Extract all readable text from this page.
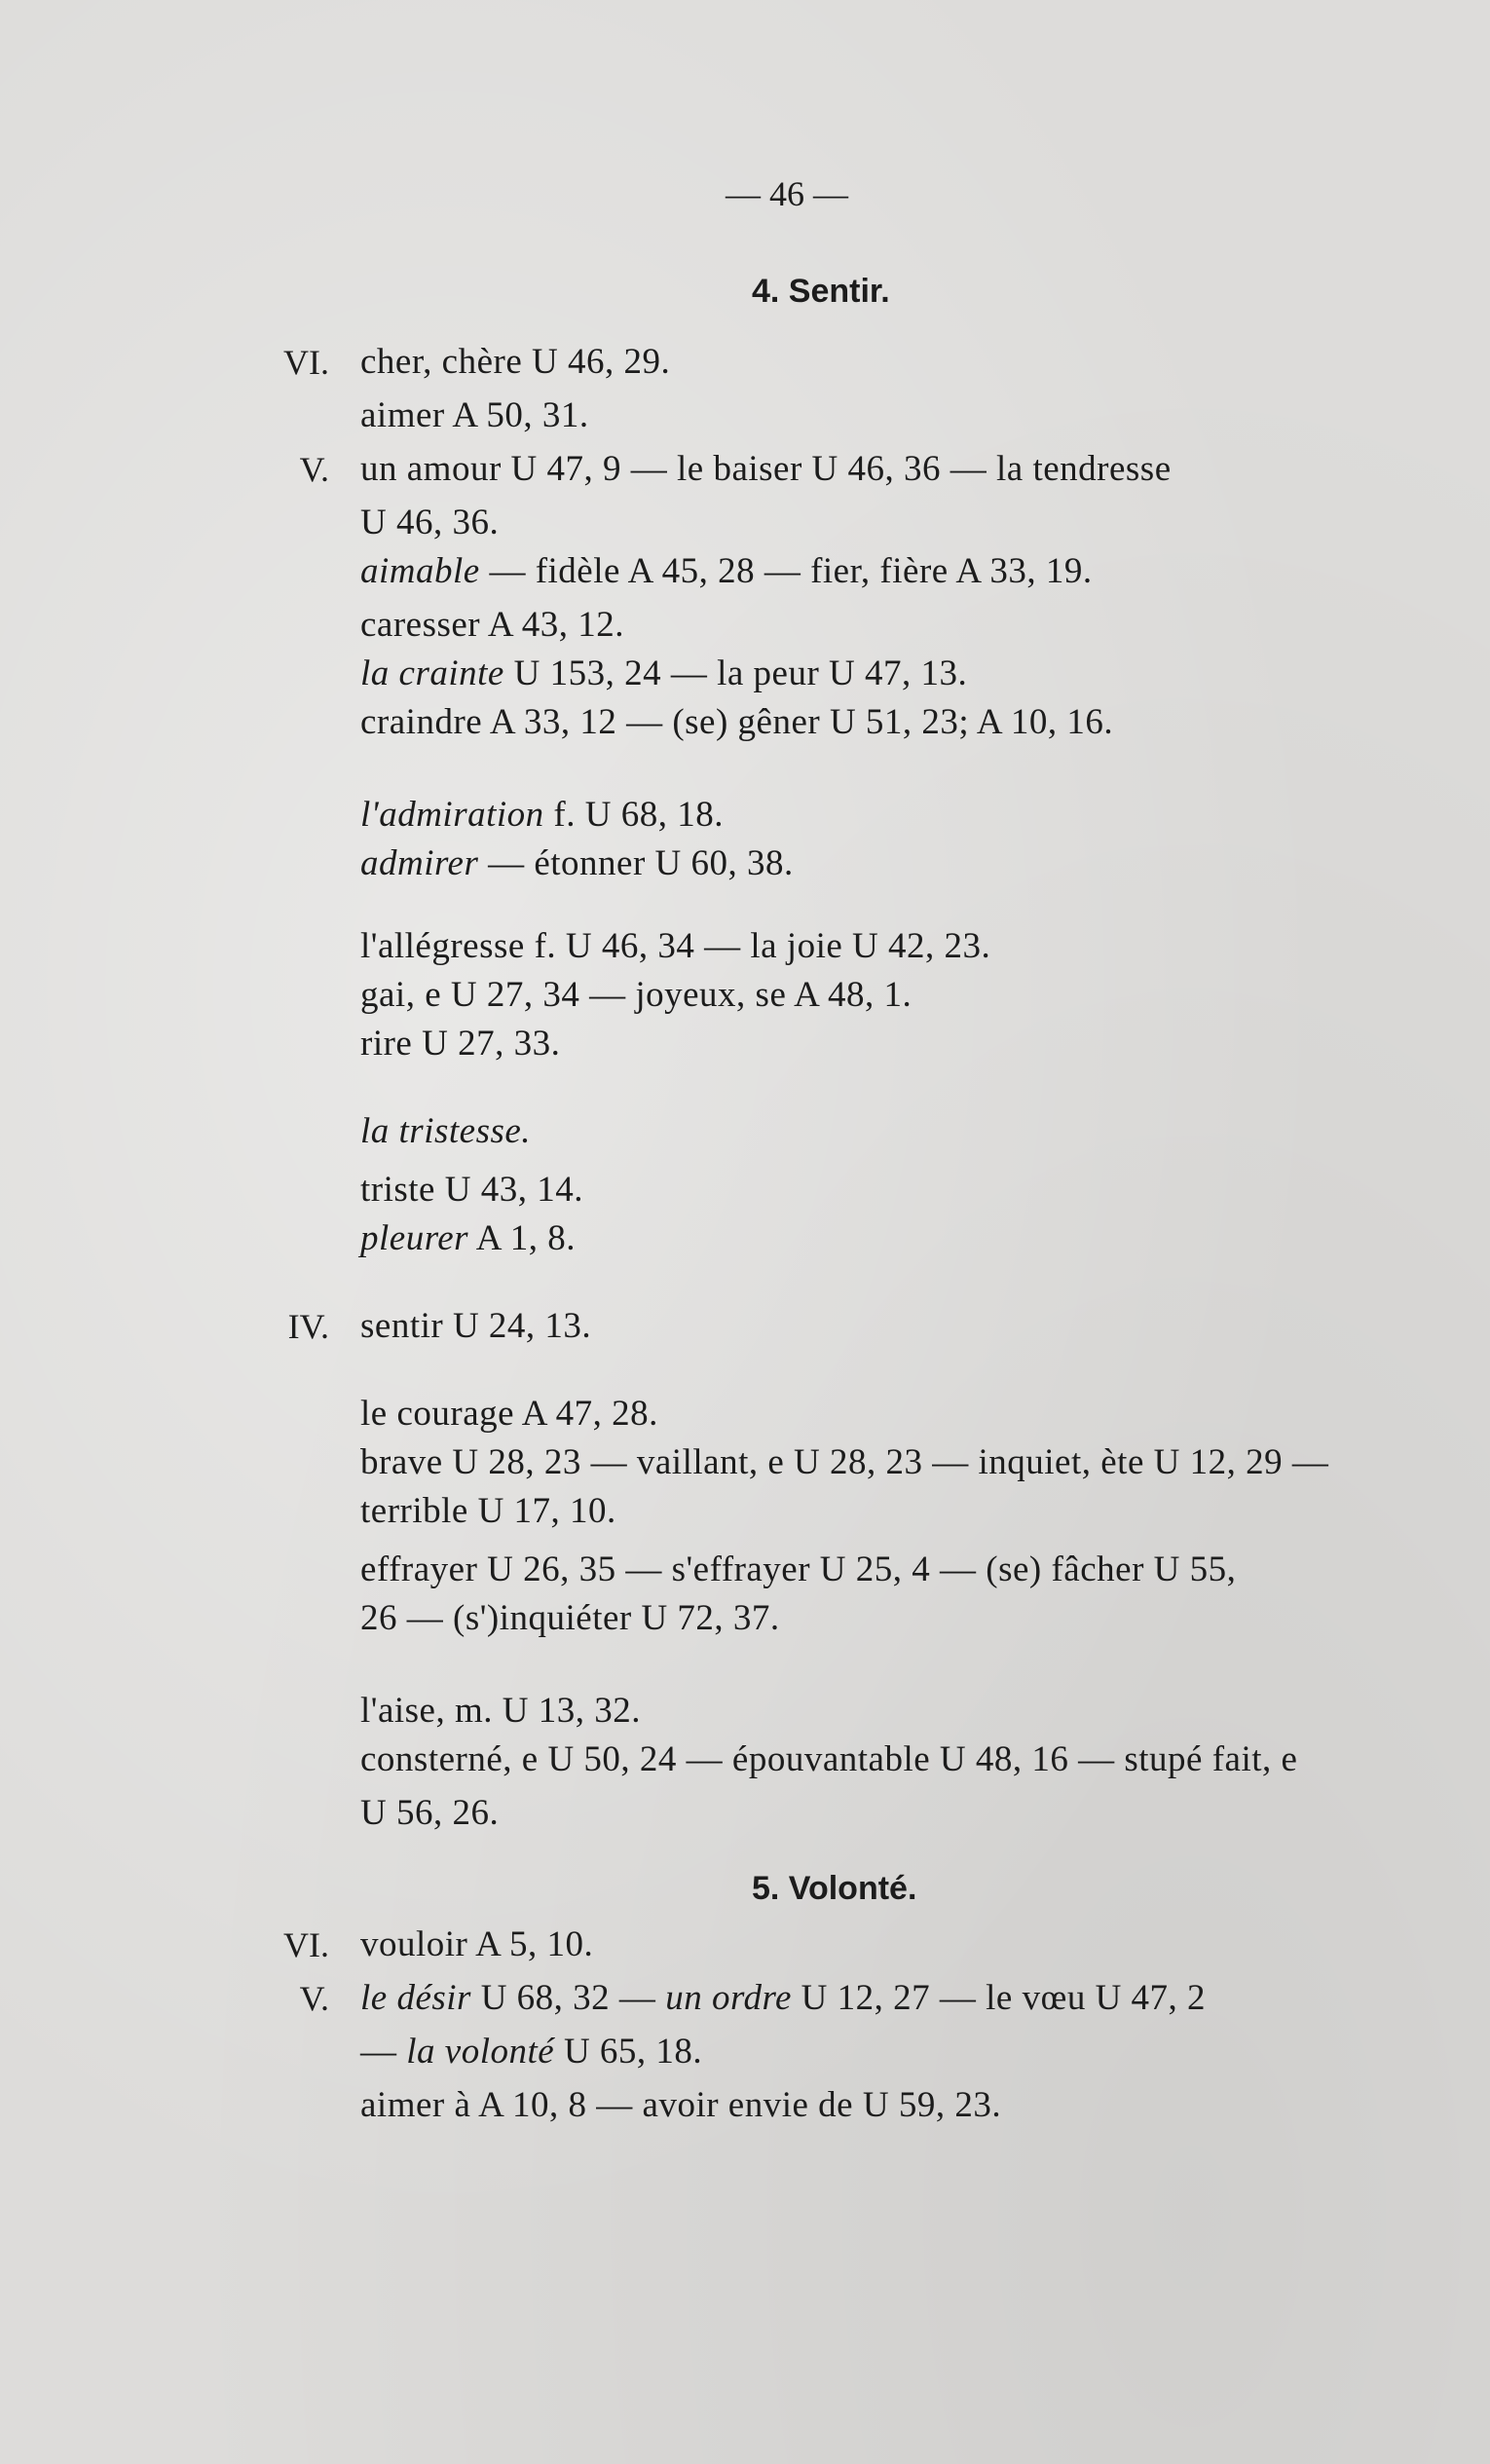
— 46 —
4. Sentir.
VI. cher, chère U 46, 29.
aimer A 50, 31.
V. un amour U 47, 9 — le baiser U 46, 36 — la tendresse
U 46, 36.
aimable — fidèle A 45, 28 — fier, fière A 33, 19.
caresser A 43, 12.
la crainte U 153, 24 — la peur U 47, 13.
craindre A 33, 12 — (se) gêner U 51, 23; A 10, 16.
l'admiration f. U 68, 18.
admirer — étonner U 60, 38.
l'allégresse f. U 46, 34 — la joie U 42, 23.
gai, e U 27, 34 — joyeux, se A 48, 1.
rire U 27, 33.
la tristesse.
triste U 43, 14.
pleurer A 1, 8.
IV. sentir U 24, 13.
le courage A 47, 28.
brave U 28, 23 — vaillant, e U 28, 23 — inquiet, ète U 12, 29 —
terrible U 17, 10.
effrayer U 26, 35 — s'effrayer U 25, 4 — (se) fâcher U 55,
26 — (s')inquiéter U 72, 37.
l'aise, m. U 13, 32.
consterné, e U 50, 24 — épouvantable U 48, 16 — stupé fait, e
U 56, 26.
5. Volonté.
VI. vouloir A 5, 10.
V. le désir U 68, 32 — un ordre U 12, 27 — le vœu U 47, 2
— la volonté U 65, 18.
aimer à A 10, 8 — avoir envie de U 59, 23.
